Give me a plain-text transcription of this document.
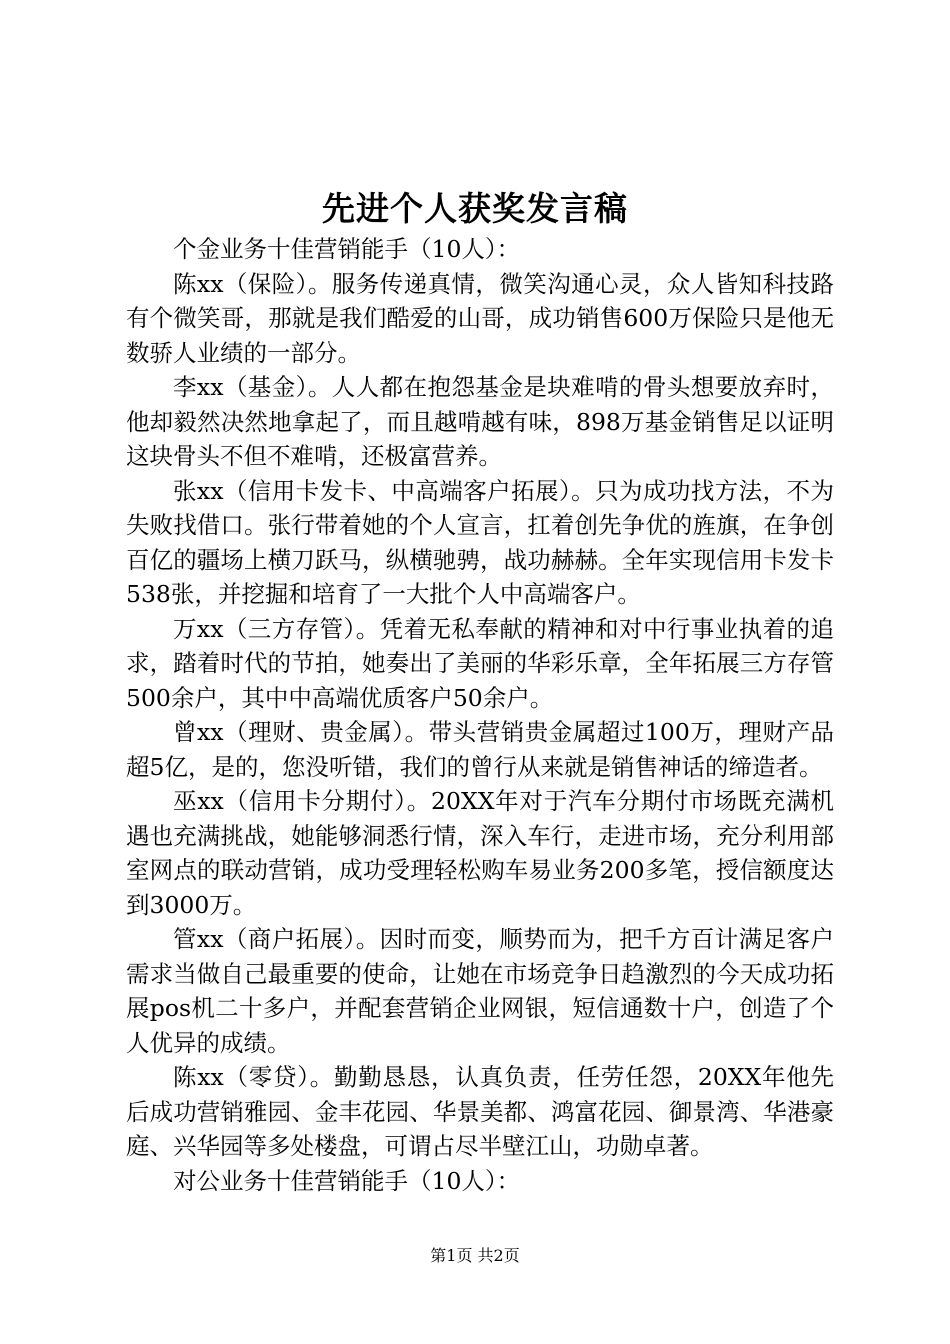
先进个人获奖发言稿

个金业务十佳营销能手（10人）：

陈xx（保险）。服务传递真情，微笑沟通心灵，众人皆知科技路有个微笑哥，那就是我们酷爱的山哥，成功销售600万保险只是他无数骄人业绩的一部分。

李xx（基金）。人人都在抱怨基金是块难啃的骨头想要放弃时，他却毅然决然地拿起了，而且越啃越有味，898万基金销售足以证明这块骨头不但不难啃，还极富营养。

张xx（信用卡发卡、中高端客户拓展）。只为成功找方法，不为失败找借口。张行带着她的个人宣言，扛着创先争优的旌旗，在争创百亿的疆场上横刀跃马，纵横驰骋，战功赫赫。全年实现信用卡发卡538张，并挖掘和培育了一大批个人中高端客户。

万xx（三方存管）。凭着无私奉献的精神和对中行事业执着的追求，踏着时代的节拍，她奏出了美丽的华彩乐章，全年拓展三方存管500余户，其中中高端优质客户50余户。

曾xx（理财、贵金属）。带头营销贵金属超过100万，理财产品超5亿，是的，您没听错，我们的曾行从来就是销售神话的缔造者。

巫xx（信用卡分期付）。20XX年对于汽车分期付市场既充满机遇也充满挑战，她能够洞悉行情，深入车行，走进市场，充分利用部室网点的联动营销，成功受理轻松购车易业务200多笔，授信额度达到3000万。

管xx（商户拓展）。因时而变，顺势而为，把千方百计满足客户需求当做自己最重要的使命，让她在市场竞争日趋激烈的今天成功拓展pos机二十多户，并配套营销企业网银，短信通数十户，创造了个人优异的成绩。

陈xx（零贷）。勤勤恳恳，认真负责，任劳任怨，20XX年他先后成功营销雅园、金丰花园、华景美都、鸿富花园、御景湾、华港豪庭、兴华园等多处楼盘，可谓占尽半壁江山，功勋卓著。

对公业务十佳营销能手（10人）：

第1页 共2页
